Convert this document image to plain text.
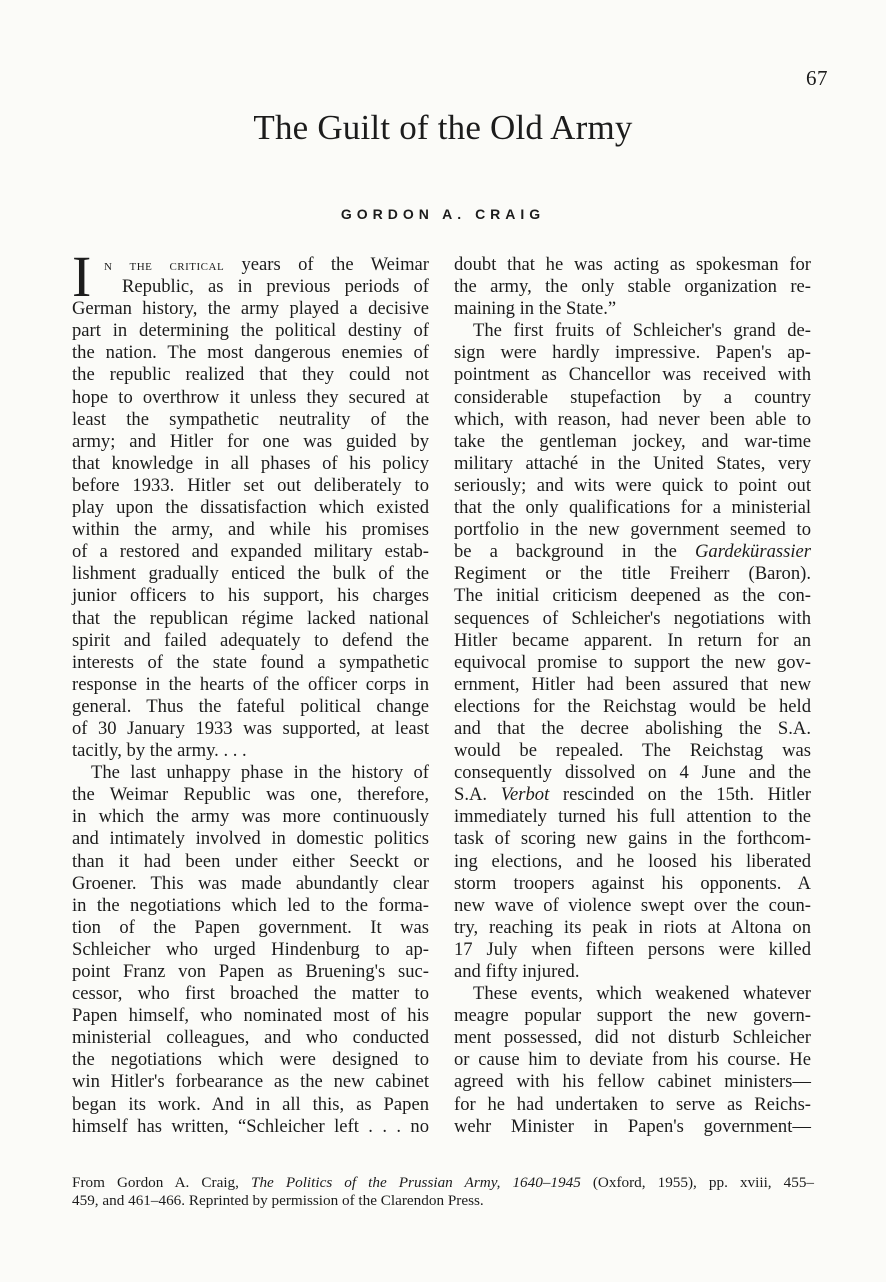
67
The Guilt of the Old Army
GORDON A. CRAIG
I n the critical years of the Weimar
Republic, as in previous periods of
German history, the army played a decisive
part in determining the political destiny of
the nation. The most dangerous enemies of
the republic realized that they could not
hope to overthrow it unless they secured at
least the sympathetic neutrality of the
army; and Hitler for one was guided by
that knowledge in all phases of his policy
before 1933. Hitler set out deliberately to
play upon the dissatisfaction which existed
within the army, and while his promises
of a restored and expanded military estab-
lishment gradually enticed the bulk of the
junior officers to his support, his charges
that the republican régime lacked national
spirit and failed adequately to defend the
interests of the state found a sympathetic
response in the hearts of the officer corps in
general. Thus the fateful political change
of 30 January 1933 was supported, at least
tacitly, by the army. . . .
The last unhappy phase in the history of
the Weimar Republic was one, therefore,
in which the army was more continuously
and intimately involved in domestic politics
than it had been under either Seeckt or
Groener. This was made abundantly clear
in the negotiations which led to the forma-
tion of the Papen government. It was
Schleicher who urged Hindenburg to ap-
point Franz von Papen as Bruening's suc-
cessor, who first broached the matter to
Papen himself, who nominated most of his
ministerial colleagues, and who conducted
the negotiations which were designed to
win Hitler's forbearance as the new cabinet
began its work. And in all this, as Papen
himself has written, “Schleicher left . . . no
doubt that he was acting as spokesman for
the army, the only stable organization re-
maining in the State.”
The first fruits of Schleicher's grand de-
sign were hardly impressive. Papen's ap-
pointment as Chancellor was received with
considerable stupefaction by a country
which, with reason, had never been able to
take the gentleman jockey, and war-time
military attaché in the United States, very
seriously; and wits were quick to point out
that the only qualifications for a ministerial
portfolio in the new government seemed to
be a background in the Gardekürassier
Regiment or the title Freiherr (Baron).
The initial criticism deepened as the con-
sequences of Schleicher's negotiations with
Hitler became apparent. In return for an
equivocal promise to support the new gov-
ernment, Hitler had been assured that new
elections for the Reichstag would be held
and that the decree abolishing the S.A.
would be repealed. The Reichstag was
consequently dissolved on 4 June and the
S.A. Verbot rescinded on the 15th. Hitler
immediately turned his full attention to the
task of scoring new gains in the forthcom-
ing elections, and he loosed his liberated
storm troopers against his opponents. A
new wave of violence swept over the coun-
try, reaching its peak in riots at Altona on
17 July when fifteen persons were killed
and fifty injured.
These events, which weakened whatever
meagre popular support the new govern-
ment possessed, did not disturb Schleicher
or cause him to deviate from his course. He
agreed with his fellow cabinet ministers—
for he had undertaken to serve as Reichs-
wehr Minister in Papen's government—
From Gordon A. Craig, The Politics of the Prussian Army, 1640–1945 (Oxford, 1955), pp. xviii, 455–
459, and 461–466. Reprinted by permission of the Clarendon Press.
